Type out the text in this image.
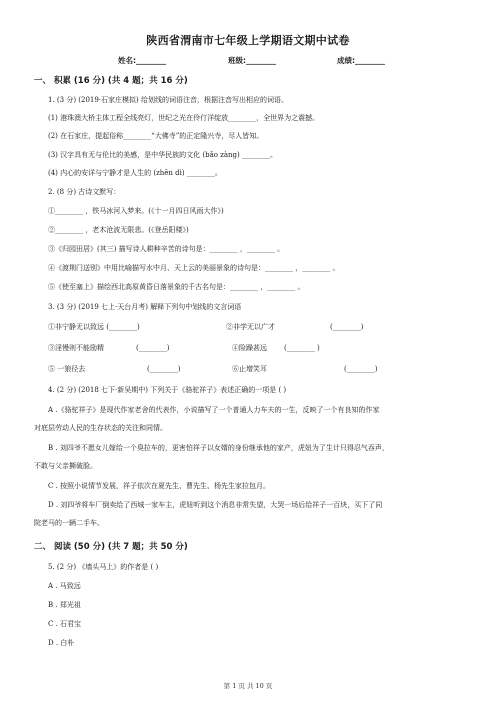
陕西省渭南市七年级上学期语文期中试卷
姓名:________	班级:________	成绩:________
一、 积累 (16 分) (共 4 题；共 16 分)
1. (3 分) (2019·石家庄模拟) 给划线的词语注音，根据注音写出相应的词语。
(1) 港珠澳大桥主体工程全线亮灯，世纪之光在伶仃洋绽放________，全世界为之震撼。
(2) 在石家庄，提起俗称________“大佛寺”的正定隆兴寺，尽人皆知。
(3) 汉字具有无与伦比的美感，是中华民族的文化 (bǎo zàng) ________。
(4) 内心的安详与宁静才是人生的 (zhēn dì) ________。
2. (8 分) 古诗文默写：
①________ ，铁马冰河入梦来。(《十一月四日风雨大作》)
②________ ，老木沧波无限悲。(《登岳阳楼》)
③《归园田居》(其三) 描写诗人耕种辛苦的诗句是：________ ，________ 。
④《渡荆门送别》中用比喻描写水中月、天上云的美丽景象的诗句是：________ ，________ 。
⑤《使至塞上》描绘西北高原黄昏日落景象的千古名句是：________ ，________ 。
3. (3 分) (2019 七上·天台月考) 解释下列句中划线的文言词语
①非宁静无以致远 (________)	②非学无以广才	(________)
③淫慢则不能励精	(________)	④险躁甚远 (________ )
⑤ 一狼径去	(________)	⑥止增笑耳	(________)
4. (2 分) (2018 七下·新吴期中) 下列关于《骆驼祥子》表述正确的一项是 ( )
A .《骆驼祥子》是现代作家老舍的代表作，小说描写了一个普通人力车夫的一生，反映了一个有良知的作家
对底层劳动人民的生存状态的关注和同情。
B . 刘四爷不愿女儿嫁给一个臭拉车的，更害怕祥子以女婿的身份继承他的家产，虎妞为了生计只得忍气吞声，
不敢与父亲撕破脸。
C . 按照小说情节发展，祥子依次在夏先生、曹先生、杨先生家拉包月。
D . 刘四爷将车厂倒卖给了西城一家车主，虎妞听到这个消息非常失望，大哭一场后给祥子一百块，买下了同
院老马的一辆二手车。
二、 阅读 (50 分) (共 7 题；共 50 分)
5. (2 分) 《墙头马上》的作者是 ( )
A . 马致远
B . 郑光祖
C . 石君宝
D . 白朴
第 1 页 共 10 页
